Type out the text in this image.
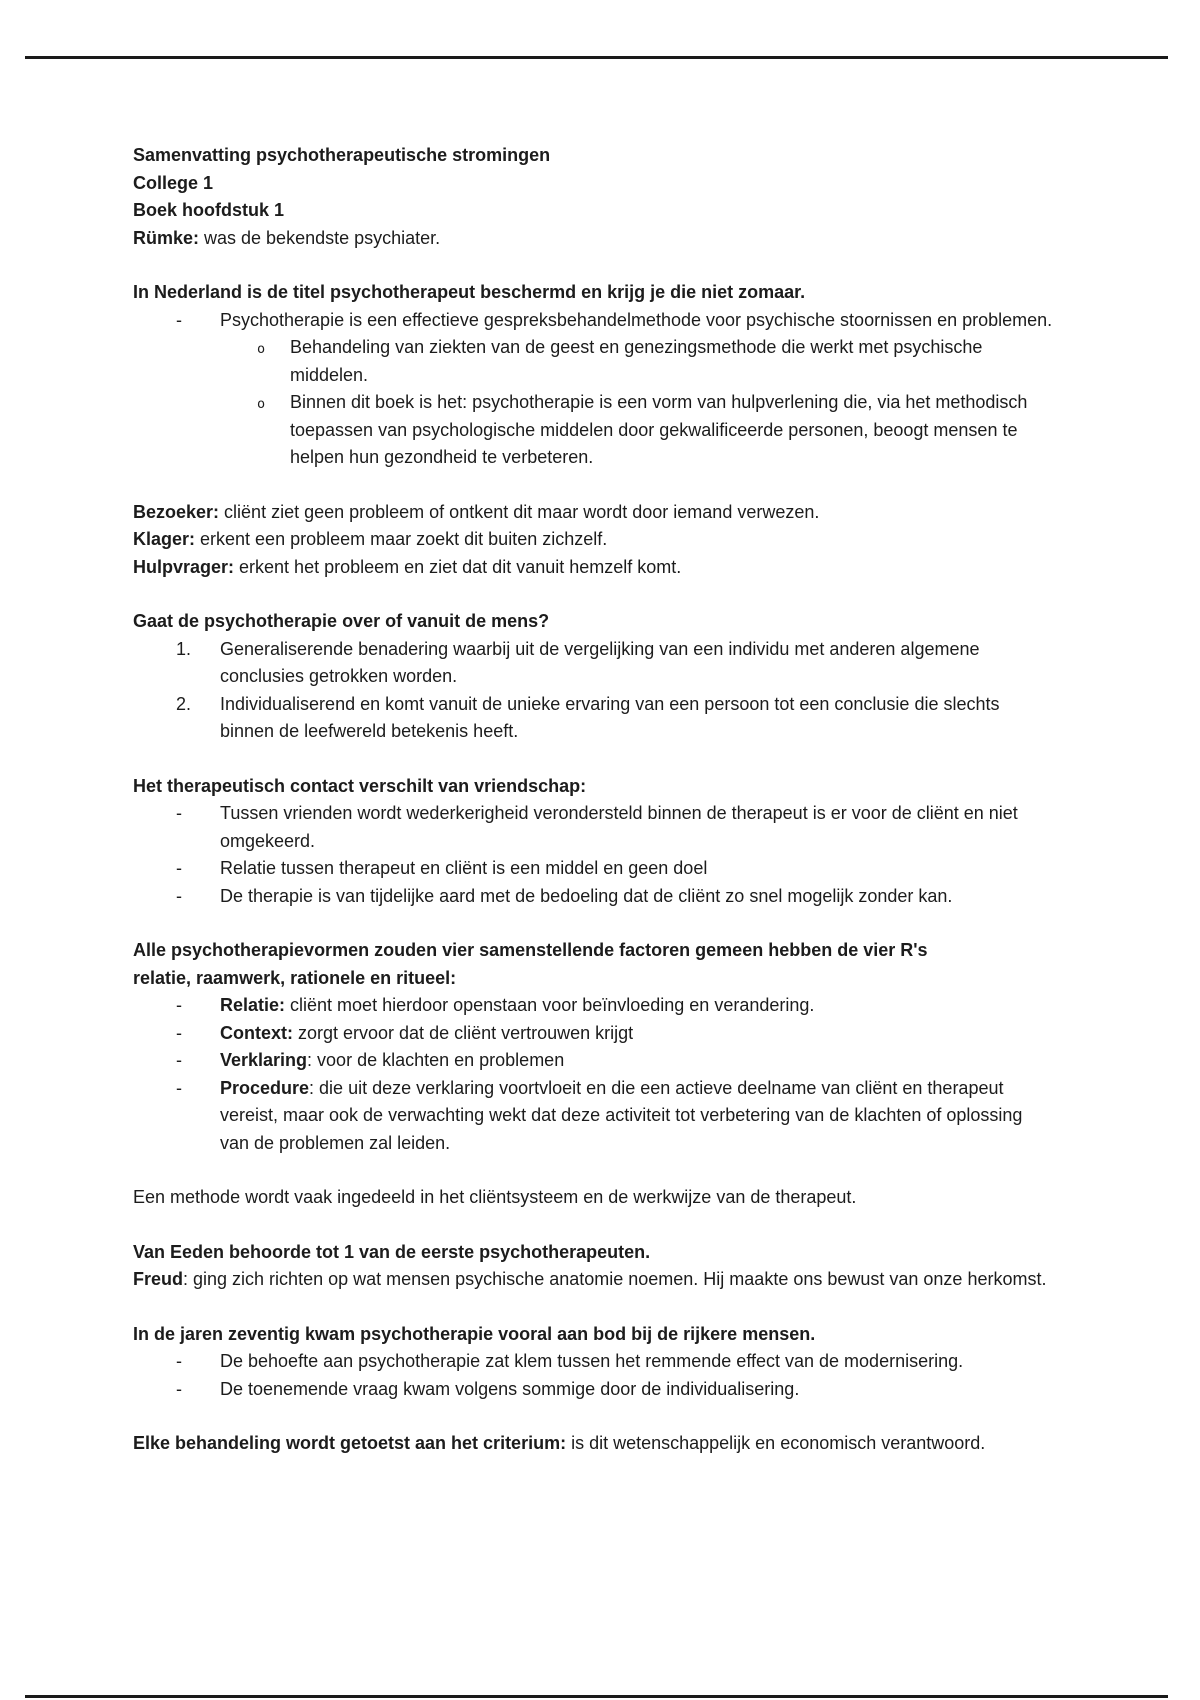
Samenvatting psychotherapeutische stromingen

College 1

Boek hoofdstuk 1

Rümke: was de bekendste psychiater.

In Nederland is de titel psychotherapeut beschermd en krijg je die niet zomaar.

-	Psychotherapie is een effectieve gespreksbehandelmethode voor psychische stoornissen en problemen.

o	Behandeling van ziekten van de geest en genezingsmethode die werkt met psychische middelen.

o	Binnen dit boek is het: psychotherapie is een vorm van hulpverlening die, via het methodisch toepassen van psychologische middelen door gekwalificeerde personen, beoogt mensen te helpen hun gezondheid te verbeteren.

Bezoeker: cliënt ziet geen probleem of ontkent dit maar wordt door iemand verwezen.

Klager: erkent een probleem maar zoekt dit buiten zichzelf.

Hulpvrager: erkent het probleem en ziet dat dit vanuit hemzelf komt.

Gaat de psychotherapie over of vanuit de mens?

1.	Generaliserende benadering waarbij uit de vergelijking van een individu met anderen algemene conclusies getrokken worden.

2.	Individualiserend en komt vanuit de unieke ervaring van een persoon tot een conclusie die slechts binnen de leefwereld betekenis heeft.

Het therapeutisch contact verschilt van vriendschap:

-	Tussen vrienden wordt wederkerigheid verondersteld binnen de therapeut is er voor de cliënt en niet omgekeerd.

-	Relatie tussen therapeut en cliënt is een middel en geen doel

-	De therapie is van tijdelijke aard met de bedoeling dat de cliënt zo snel mogelijk zonder kan.

Alle psychotherapievormen zouden vier samenstellende factoren gemeen hebben de vier R's

relatie, raamwerk, rationele en ritueel:

-	Relatie: cliënt moet hierdoor openstaan voor beïnvloeding en verandering.

-	Context: zorgt ervoor dat de cliënt vertrouwen krijgt

-	Verklaring: voor de klachten en problemen

-	Procedure: die uit deze verklaring voortvloeit en die een actieve deelname van cliënt en therapeut vereist, maar ook de verwachting wekt dat deze activiteit tot verbetering van de klachten of oplossing van de problemen zal leiden.

Een methode wordt vaak ingedeeld in het cliëntsysteem en de werkwijze van de therapeut.

Van Eeden behoorde tot 1 van de eerste psychotherapeuten.

Freud: ging zich richten op wat mensen psychische anatomie noemen. Hij maakte ons bewust van onze herkomst.

In de jaren zeventig kwam psychotherapie vooral aan bod bij de rijkere mensen.

-	De behoefte aan psychotherapie zat klem tussen het remmende effect van de modernisering.

-	De toenemende vraag kwam volgens sommige door de individualisering.

Elke behandeling wordt getoetst aan het criterium: is dit wetenschappelijk en economisch verantwoord.
